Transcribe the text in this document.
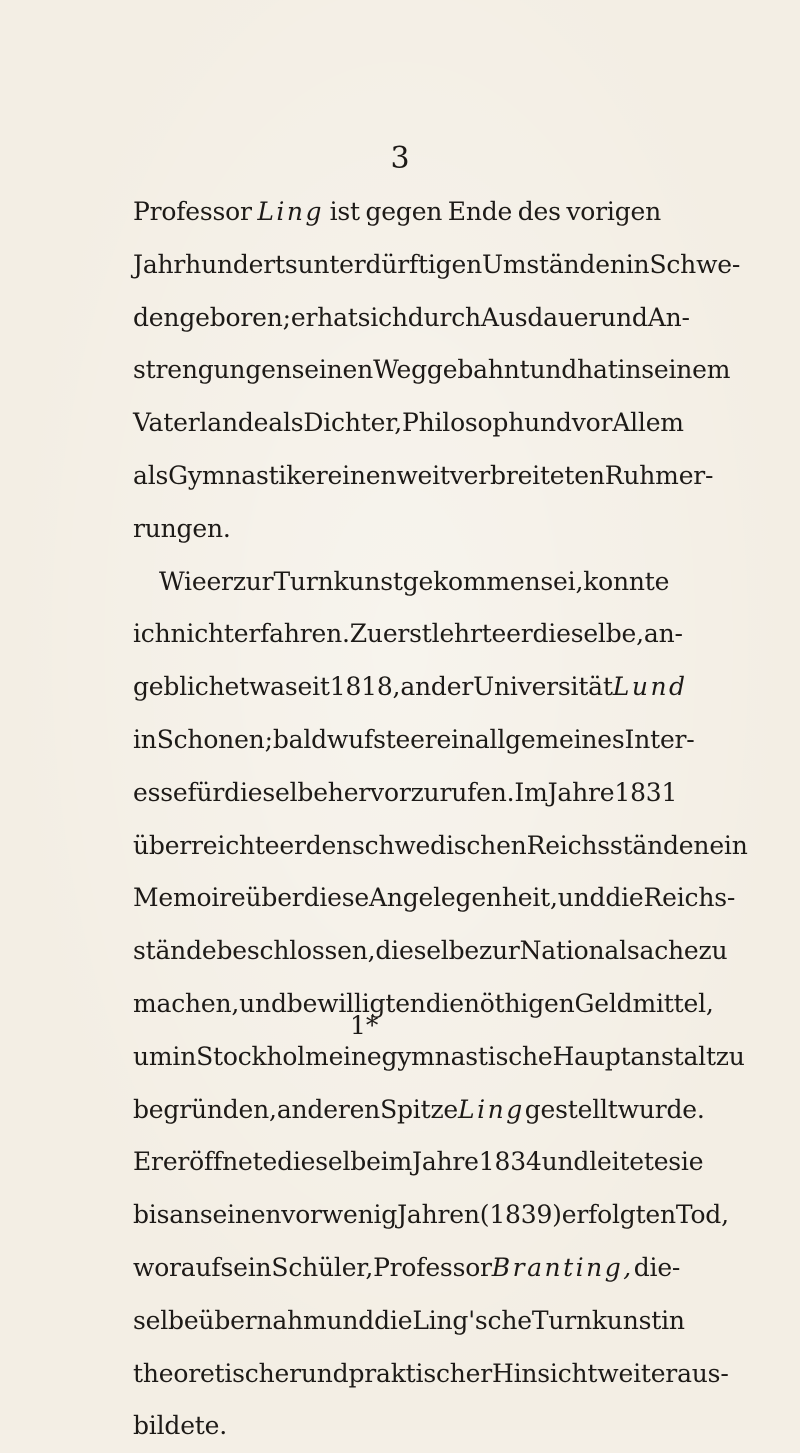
3
Professor Ling ist gegen Ende des vorigen
Jahrhunderts unter dürftigen Umständen in Schwe-
den geboren; er hat sich durch Ausdauer und An-
strengungen seinen Weg gebahnt und hat in seinem
Vaterlande als Dichter, Philosoph und vor Allem
als Gymnastiker einen weitverbreiteten Ruhm er-
rungen.
Wie er zur Turnkunst gekommen sei, konnte
ich nicht erfahren. Zuerst lehrte er dieselbe, an-
geblich etwa seit 1818, an der Universität Lund
in Schonen; bald wufste er ein allgemeines Inter-
esse für dieselbe hervorzurufen. Im Jahre 1831
überreichte er den schwedischen Reichsständen ein
Memoire über diese Angelegenheit, und die Reichs-
stände beschlossen, dieselbe zur Nationalsache zu
machen, und bewilligten die nöthigen Geldmittel,
um in Stockholm eine gymnastische Hauptanstalt zu
begründen, an deren Spitze Ling gestellt wurde.
Er eröffnete dieselbe im Jahre 1834 und leitete sie
bis an seinen vor wenig Jahren (1839) erfolgten Tod,
worauf sein Schüler, Professor Branting, die-
selbe übernahm und die Ling'sche Turnkunst in
theoretischer und praktischer Hinsicht weiter aus-
bildete.
1*
